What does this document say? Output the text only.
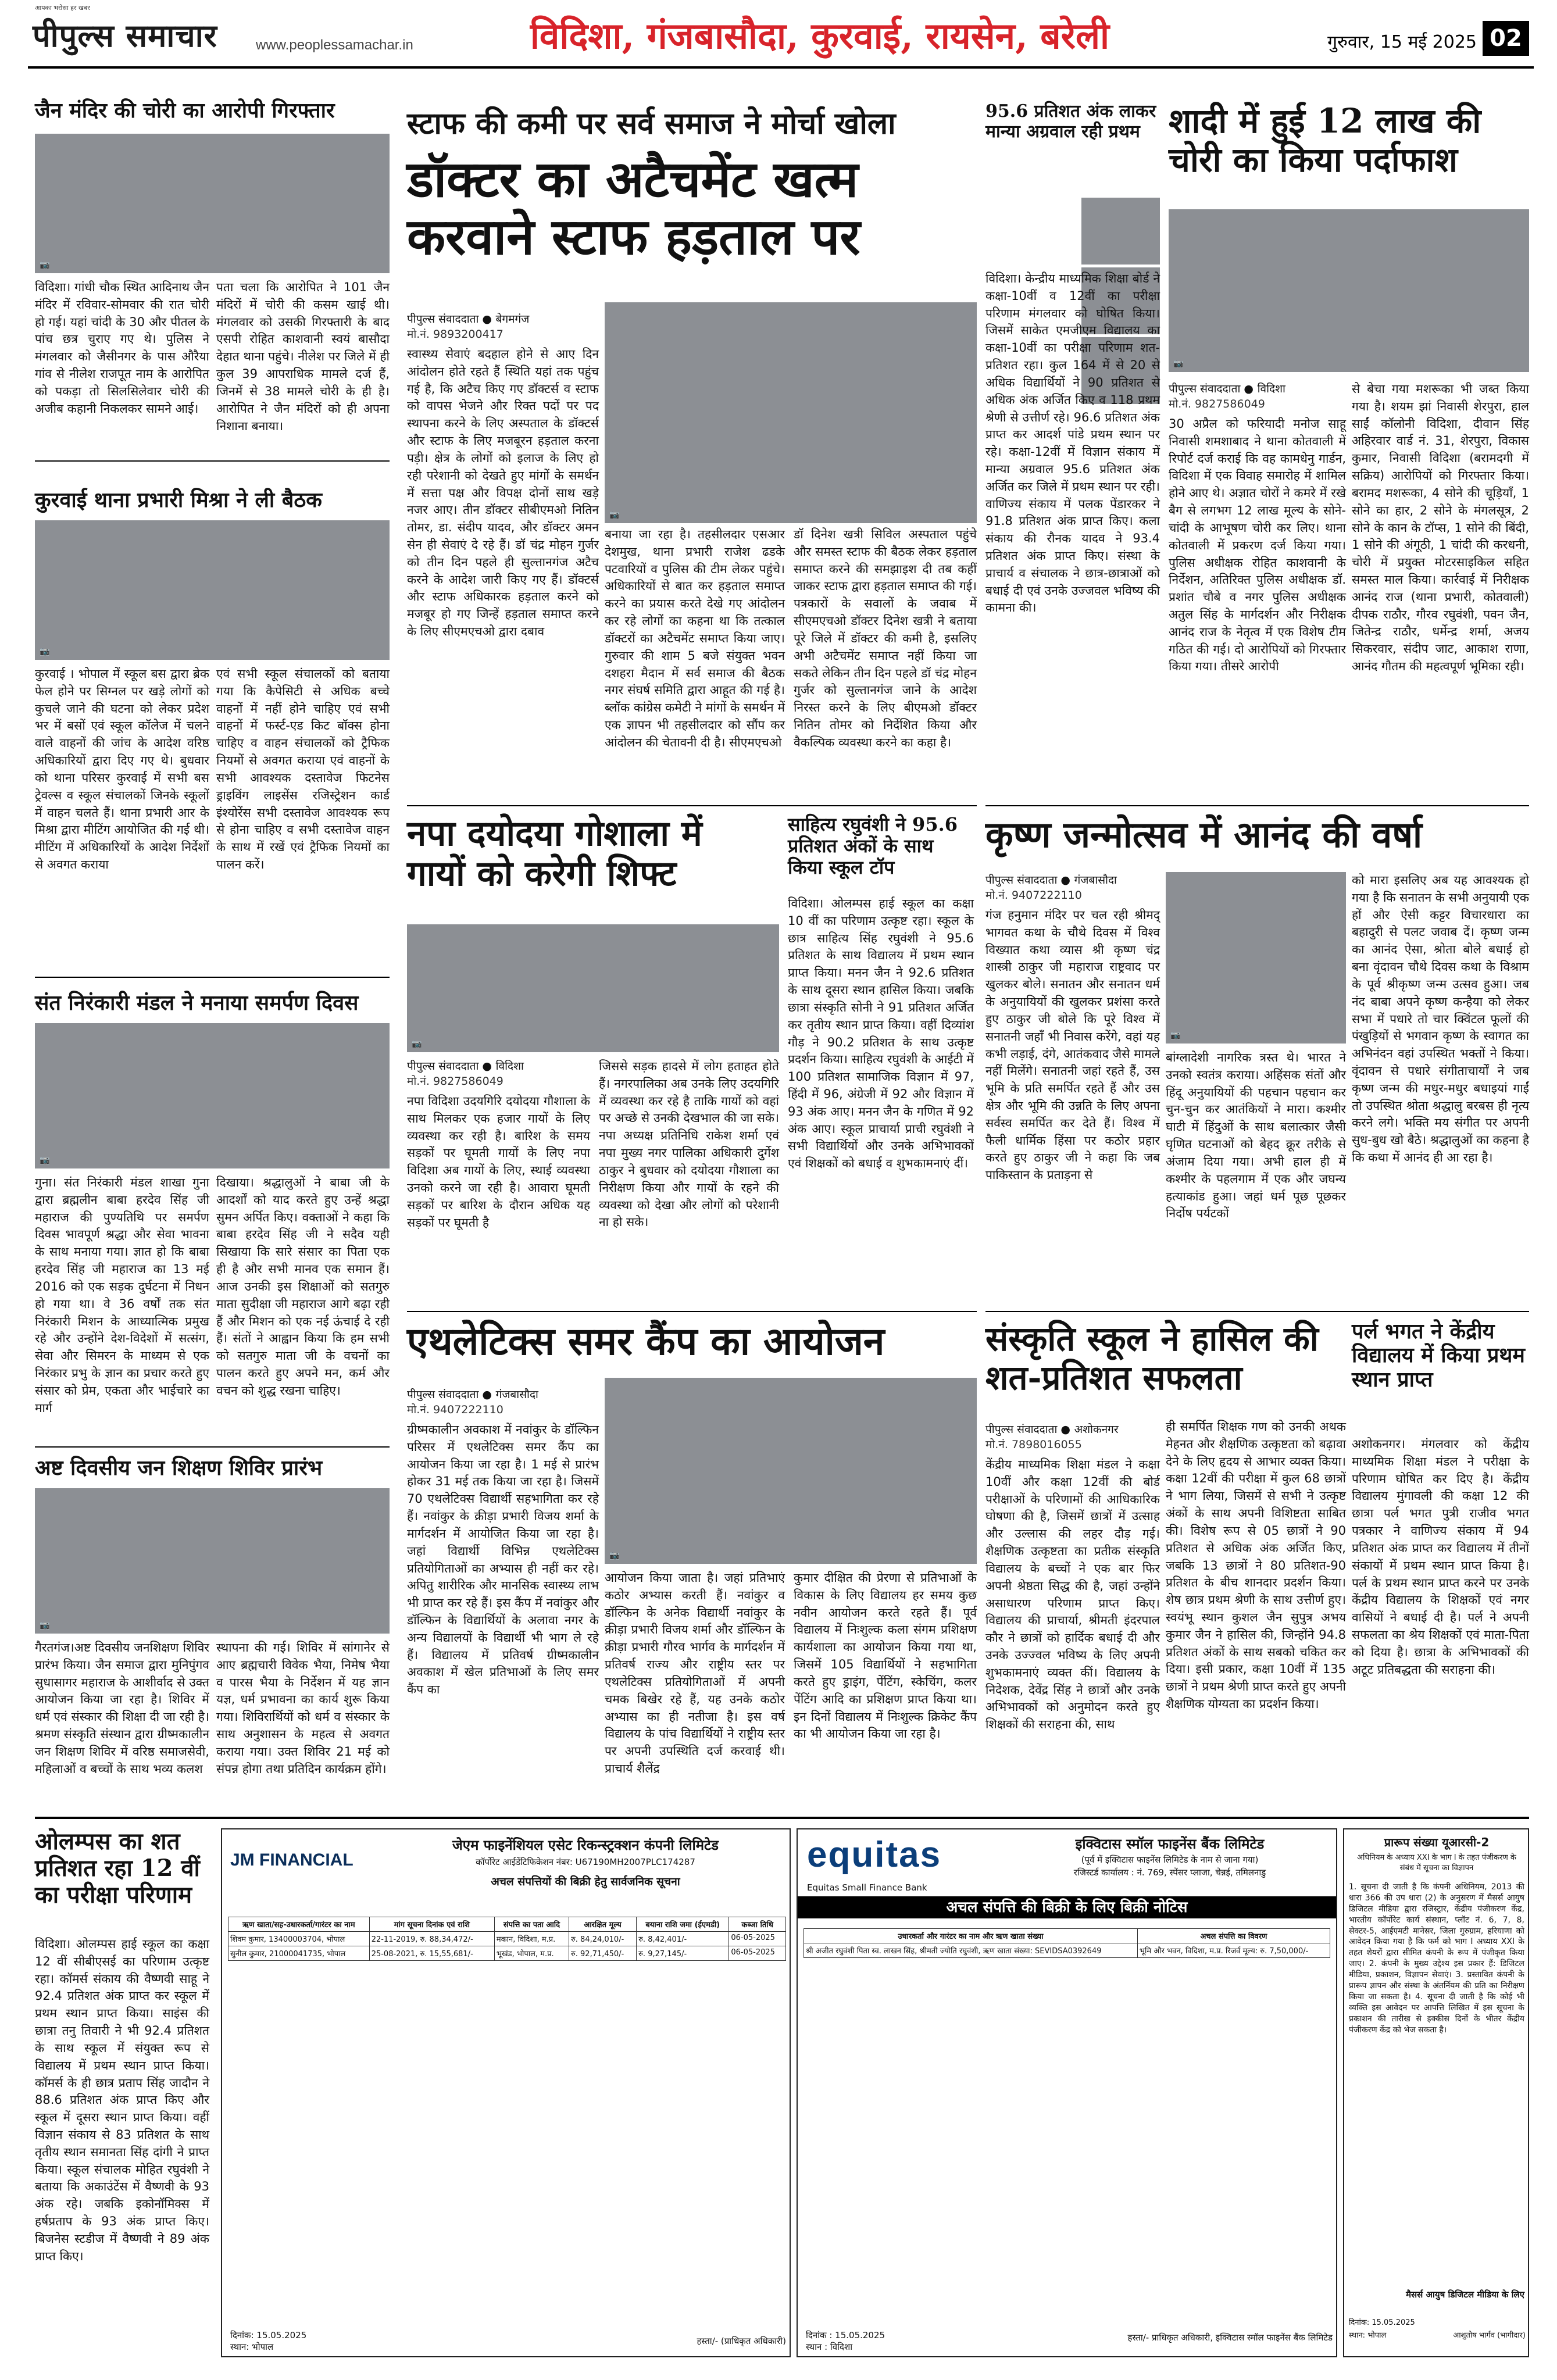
आपका भरोसा हर खबर
पीपुल्स समाचार	www.peoplessamachar.in	विदिशा, गंजबासौदा, कुरवाई, रायसेन, बरेली	गुरुवार, 15 मई 2025 02
जैन मंदिर की चोरी का आरोपी गिरफ्तार
📷
विदिशा। गांधी चौक स्थित आदिनाथ जैन मंदिर में रविवार-सोमवार की रात चोरी हो गई। यहां चांदी के 30 और पीतल के पांच छत्र चुराए गए थे। पुलिस ने मंगलवार को जैसीनगर के पास औरैया गांव से नीलेश राजपूत नाम के आरोपित को पकड़ा तो सिलसिलेवार चोरी की अजीब कहानी निकलकर सामने आई।
पता चला कि आरोपित ने 101 जैन मंदिरों में चोरी की कसम खाई थी। मंगलवार को उसकी गिरफ्तारी के बाद एसपी रोहित काशवानी स्वयं बासौदा देहात थाना पहुंचे। नीलेश पर जिले में ही कुल 39 आपराधिक मामले दर्ज हैं, जिनमें से 38 मामले चोरी के ही है। आरोपित ने जैन मंदिरों को ही अपना निशाना बनाया।
कुरवाई थाना प्रभारी मिश्रा ने ली बैठक
📷
कुरवाई । भोपाल में स्कूल बस द्वारा ब्रेक फेल होने पर सिग्नल पर खड़े लोगों को कुचले जाने की घटना को लेकर प्रदेश भर में बसों एवं स्कूल कॉलेज में चलने वाले वाहनों की जांच के आदेश वरिष्ठ अधिकारियों द्वारा दिए गए थे। बुधवार को थाना परिसर कुरवाई में सभी बस ट्रेवल्स व स्कूल संचालकों जिनके स्कूलों में वाहन चलते हैं। थाना प्रभारी आर के मिश्रा द्वारा मीटिंग आयोजित की गई थी। मीटिंग में अधिकारियों के आदेश निर्देशों से अवगत कराया
एवं सभी स्कूल संचालकों को बताया गया कि कैपेसिटी से अधिक बच्चे वाहनों में नहीं होने चाहिए एवं सभी वाहनों में फर्स्ट-एड किट बॉक्स होना चाहिए व वाहन संचालकों को ट्रैफिक नियमों से अवगत कराया एवं वाहनों के सभी आवश्यक दस्तावेज फिटनेस ड्राइविंग लाइसेंस रजिस्ट्रेशन कार्ड इंश्योरेंस सभी दस्तावेज आवश्यक रूप से होना चाहिए व सभी दस्तावेज वाहन के साथ में रखें एवं ट्रैफिक नियमों का पालन करें।
संत निरंकारी मंडल ने मनाया समर्पण दिवस
📷
गुना। संत निरंकारी मंडल शाखा गुना द्वारा ब्रह्मलीन बाबा हरदेव सिंह जी महाराज की पुण्यतिथि पर समर्पण दिवस भावपूर्ण श्रद्धा और सेवा भावना के साथ मनाया गया। ज्ञात हो कि बाबा हरदेव सिंह जी महाराज का 13 मई 2016 को एक सड़क दुर्घटना में निधन हो गया था। वे 36 वर्षों तक संत निरंकारी मिशन के आध्यात्मिक प्रमुख रहे और उन्होंने देश-विदेशों में सत्संग, सेवा और सिमरन के माध्यम से एक निरंकार प्रभु के ज्ञान का प्रचार करते हुए संसार को प्रेम, एकता और भाईचारे का मार्ग
दिखाया। श्रद्धालुओं ने बाबा जी के आदर्शों को याद करते हुए उन्हें श्रद्धा सुमन अर्पित किए। वक्ताओं ने कहा कि बाबा हरदेव सिंह जी ने सदैव यही सिखाया कि सारे संसार का पिता एक ही है और सभी मानव एक समान हैं। आज उनकी इस शिक्षाओं को सतगुरु माता सुदीक्षा जी महाराज आगे बढ़ा रही हैं और मिशन को एक नई ऊंचाई दे रही हैं। संतों ने आह्वान किया कि हम सभी को सतगुरु माता जी के वचनों का पालन करते हुए अपने मन, कर्म और वचन को शुद्ध रखना चाहिए।
अष्ट दिवसीय जन शिक्षण शिविर प्रारंभ
📷
गैरतगंज।अष्ट दिवसीय जनशिक्षण शिविर प्रारंभ किया। जैन समाज द्वारा मुनिपुंगव सुधासागर महाराज के आशीर्वाद से उक्त आयोजन किया जा रहा है। शिविर में धर्म एवं संस्कार की शिक्षा दी जा रही है। श्रमण संस्कृति संस्थान द्वारा ग्रीष्मकालीन जन शिक्षण शिविर में वरिष्ठ समाजसेवी, महिलाओं व बच्चों के साथ भव्य कलश
स्थापना की गई। शिविर में सांगानेर से आए ब्रह्मचारी विवेक भैया, निमेष भैया व पारस भैया के निर्देशन में यह ज्ञान यज्ञ, धर्म प्रभावना का कार्य शुरू किया गया। शिविरार्थियों को धर्म व संस्कार के साथ अनुशासन के महत्व से अवगत कराया गया। उक्त शिविर 21 मई को संपन्न होगा तथा प्रतिदिन कार्यक्रम होंगे।
ओलम्पस का शत प्रतिशत रहा 12 वीं का परीक्षा परिणाम
विदिशा। ओलम्पस हाई स्कूल का कक्षा 12 वीं सीबीएसई का परिणाम उत्कृष्ट रहा। कॉमर्स संकाय की वैष्णवी साहू ने 92.4 प्रतिशत अंक प्राप्त कर स्कूल में प्रथम स्थान प्राप्त किया। साइंस की छात्रा तनु तिवारी ने भी 92.4 प्रतिशत के साथ स्कूल में संयुक्त रूप से विद्यालय में प्रथम स्थान प्राप्त किया। कॉमर्स के ही छात्र प्रताप सिंह जादौन ने 88.6 प्रतिशत अंक प्राप्त किए और स्कूल में दूसरा स्थान प्राप्त किया। वहीं विज्ञान संकाय से 83 प्रतिशत के साथ तृतीय स्थान समानता सिंह दांगी ने प्राप्त किया। स्कूल संचालक मोहित रघुवंशी ने बताया कि अकाउंटेंस में वैष्णवी के 93 अंक रहे। जबकि इकोनॉमिक्स में हर्षप्रताप के 93 अंक प्राप्त किए। बिजनेस स्टडीज में वैष्णवी ने 89 अंक प्राप्त किए।
स्टाफ की कमी पर सर्व समाज ने मोर्चा खोला
डॉक्टर का अटैचमेंट खत्म करवाने स्टाफ हड़ताल पर
पीपुल्स संवाददाता ● बेगमगंज
मो.नं. 9893200417
📷
स्वास्थ्य सेवाएं बदहाल होने से आए दिन आंदोलन होते रहते हैं स्थिति यहां तक पहुंच गई है, कि अटैच किए गए डॉक्टर्स व स्टाफ को वापस भेजने और रिक्त पदों पर पद स्थापना करने के लिए अस्पताल के डॉक्टर्स और स्टाफ के लिए मजबूरन हड़ताल करना पड़ी। क्षेत्र के लोगों को इलाज के लिए हो रही परेशानी को देखते हुए मांगों के समर्थन में सत्ता पक्ष और विपक्ष दोनों साथ खड़े नजर आए। तीन डॉक्टर सीबीएमओ नितिन तोमर, डा. संदीप यादव, और डॉक्टर अमन सेन ही सेवाएं दे रहे हैं। डॉ चंद्र मोहन गुर्जर को तीन दिन पहले ही सुल्तानगंज अटैच करने के आदेश जारी किए गए हैं। डॉक्टर्स और स्टाफ अधिकारक हड़ताल करने को मजबूर हो गए जिन्हें हड़ताल समाप्त करने के लिए सीएमएचओ द्वारा दबाव
बनाया जा रहा है। तहसीलदार एसआर देशमुख, थाना प्रभारी राजेश ढडके पटवारियों व पुलिस की टीम लेकर पहुंचे। अधिकारियों से बात कर हड़ताल समाप्त करने का प्रयास करते देखे गए आंदोलन कर रहे लोगों का कहना था कि तत्काल डॉक्टरों का अटैचमेंट समाप्त किया जाए। गुरुवार की शाम 5 बजे संयुक्त भवन दशहरा मैदान में सर्व समाज की बैठक नगर संघर्ष समिति द्वारा आहूत की गई है। ब्लॉक कांग्रेस कमेटी ने मांगों के समर्थन में एक ज्ञापन भी तहसीलदार को सौंप कर आंदोलन की चेतावनी दी है। सीएमएचओ
डॉ दिनेश खत्री सिविल अस्पताल पहुंचे और समस्त स्टाफ की बैठक लेकर हड़ताल समाप्त करने की समझाइश दी तब कहीं जाकर स्टाफ द्वारा हड़ताल समाप्त की गई। पत्रकारों के सवालों के जवाब में सीएमएचओ डॉक्टर दिनेश खत्री ने बताया पूरे जिले में डॉक्टर की कमी है, इसलिए अभी अटैचमेंट समाप्त नहीं किया जा सकते लेकिन तीन दिन पहले डॉ चंद्र मोहन गुर्जर को सुल्तानगंज जाने के आदेश निरस्त करने के लिए बीएमओ डॉक्टर नितिन तोमर को निर्देशित किया और वैकल्पिक व्यवस्था करने का कहा है।
नपा दयोदया गोशाला में गायों को करेगी शिफ्ट
📷
पीपुल्स संवाददाता ● विदिशा
मो.नं. 9827586049
नपा विदिशा उदयगिरि दयोदया गौशाला के साथ मिलकर एक हजार गायों के लिए व्यवस्था कर रही है। बारिश के समय सड़कों पर घूमती गायों के लिए नपा विदिशा अब गायों के लिए, स्थाई व्यवस्था उनको करने जा रही है। आवारा घूमती सड़कों पर बारिश के दौरान अधिक यह सड़कों पर घूमती है
जिससे सड़क हादसे में लोग हताहत होते हैं। नगरपालिका अब उनके लिए उदयगिरि में व्यवस्था कर रहे है ताकि गायों को वहां पर अच्छे से उनकी देखभाल की जा सके। नपा अध्यक्ष प्रतिनिधि राकेश शर्मा एवं नपा मुख्य नगर पालिका अधिकारी दुर्गेश ठाकुर ने बुधवार को दयोदया गौशाला का निरीक्षण किया और गायों के रहने की व्यवस्था को देखा और लोगों को परेशानी ना हो सके।
साहित्य रघुवंशी ने 95.6 प्रतिशत अंकों के साथ किया स्कूल टॉप
विदिशा। ओलम्पस हाई स्कूल का कक्षा 10 वीं का परिणाम उत्कृष्ट रहा। स्कूल के छात्र साहित्य सिंह रघुवंशी ने 95.6 प्रतिशत के साथ विद्यालय में प्रथम स्थान प्राप्त किया। मनन जैन ने 92.6 प्रतिशत के साथ दूसरा स्थान हासिल किया। जबकि छात्रा संस्कृति सोनी ने 91 प्रतिशत अर्जित कर तृतीय स्थान प्राप्त किया। वहीं दिव्यांश गौड़ ने 90.2 प्रतिशत के साथ उत्कृष्ट प्रदर्शन किया। साहित्य रघुवंशी के आईटी में 100 प्रतिशत सामाजिक विज्ञान में 97, हिंदी में 96, अंग्रेजी में 92 और विज्ञान में 93 अंक आए। मनन जैन के गणित में 92 अंक आए। स्कूल प्राचार्या प्राची रघुवंशी ने सभी विद्यार्थियों और उनके अभिभावकों एवं शिक्षकों को बधाई व शुभकामनाएं दीं।
एथलेटिक्स समर कैंप का आयोजन
पीपुल्स संवाददाता ● गंजबासौदा
मो.नं. 9407222110
📷
ग्रीष्मकालीन अवकाश में नवांकुर के डॉल्फिन परिसर में एथलेटिक्स समर कैंप का आयोजन किया जा रहा है। 1 मई से प्रारंभ होकर 31 मई तक किया जा रहा है। जिसमें 70 एथलेटिक्स विद्यार्थी सहभागिता कर रहे हैं। नवांकुर के क्रीड़ा प्रभारी विजय शर्मा के मार्गदर्शन में आयोजित किया जा रहा है। जहां विद्यार्थी विभिन्न एथलेटिक्स प्रतियोगिताओं का अभ्यास ही नहीं कर रहे। अपितु शारीरिक और मानसिक स्वास्थ्य लाभ भी प्राप्त कर रहे हैं। इस कैंप में नवांकुर और डॉल्फिन के विद्यार्थियों के अलावा नगर के अन्य विद्यालयों के विद्यार्थी भी भाग ले रहे हैं। विद्यालय में प्रतिवर्ष ग्रीष्मकालीन अवकाश में खेल प्रतिभाओं के लिए समर कैंप का
आयोजन किया जाता है। जहां प्रतिभाएं कठोर अभ्यास करती हैं। नवांकुर व डॉल्फिन के अनेक विद्यार्थी नवांकुर के क्रीड़ा प्रभारी विजय शर्मा और डॉल्फिन के क्रीड़ा प्रभारी गौरव भार्गव के मार्गदर्शन में प्रतिवर्ष राज्य और राष्ट्रीय स्तर पर एथलेटिक्स प्रतियोगिताओं में अपनी चमक बिखेर रहे हैं, यह उनके कठोर अभ्यास का ही नतीजा है। इस वर्ष विद्यालय के पांच विद्यार्थियों ने राष्ट्रीय स्तर पर अपनी उपस्थिति दर्ज करवाई थी। प्राचार्य शैलेंद्र
कुमार दीक्षित की प्रेरणा से प्रतिभाओं के विकास के लिए विद्यालय हर समय कुछ नवीन आयोजन करते रहते हैं। पूर्व विद्यालय में निःशुल्क कला संगम प्रशिक्षण कार्यशाला का आयोजन किया गया था, जिसमें 105 विद्यार्थियों ने सहभागिता करते हुए ड्राइंग, पेंटिंग, स्केचिंग, कलर पेंटिंग आदि का प्रशिक्षण प्राप्त किया था। इन दिनों विद्यालय में निःशुल्क क्रिकेट कैंप का भी आयोजन किया जा रहा है।
95.6 प्रतिशत अंक लाकर मान्या अग्रवाल रही प्रथम
विदिशा। केन्द्रीय माध्यमिक शिक्षा बोर्ड ने कक्षा-10वीं व 12वीं का परीक्षा परिणाम मंगलवार को घोषित किया। जिसमें साकेत एमजीएम विद्यालय का कक्षा-10वीं का परीक्षा परिणाम शत-प्रतिशत रहा। कुल 164 में से 20 से अधिक विद्यार्थियों ने 90 प्रतिशत से अधिक अंक अर्जित किए व 118 प्रथम श्रेणी से उत्तीर्ण रहे। 96.6 प्रतिशत अंक प्राप्त कर आदर्श पांडे प्रथम स्थान पर रहे। कक्षा-12वीं में विज्ञान संकाय में मान्या अग्रवाल 95.6 प्रतिशत अंक अर्जित कर जिले में प्रथम स्थान पर रही। वाणिज्य संकाय में पलक पेंडारकर ने 91.8 प्रतिशत अंक प्राप्त किए। कला संकाय की रौनक यादव ने 93.4 प्रतिशत अंक प्राप्त किए। संस्था के प्राचार्य व संचालक ने छात्र-छात्राओं को बधाई दी एवं उनके उज्जवल भविष्य की कामना की।
शादी में हुई 12 लाख की चोरी का किया पर्दाफाश
📷
पीपुल्स संवाददाता ● विदिशा
मो.नं. 9827586049
30 अप्रैल को फरियादी मनोज साहू निवासी शमशाबाद ने थाना कोतवाली में रिपोर्ट दर्ज कराई कि वह कामधेनु गार्डन, विदिशा में एक विवाह समारोह में शामिल होने आए थे। अज्ञात चोरों ने कमरे में रखे बैग से लगभग 12 लाख मूल्य के सोने-चांदी के आभूषण चोरी कर लिए। थाना कोतवाली में प्रकरण दर्ज किया गया। पुलिस अधीक्षक रोहित काशवानी के निर्देशन, अतिरिक्त पुलिस अधीक्षक डॉ. प्रशांत चौबे व नगर पुलिस अधीक्षक अतुल सिंह के मार्गदर्शन और निरीक्षक आनंद राज के नेतृत्व में एक विशेष टीम गठित की गई। दो आरोपियों को गिरफ्तार किया गया। तीसरे आरोपी
से बेचा गया मशरूका भी जब्त किया गया है। शयम झां निवासी शेरपुरा, हाल साईं कॉलोनी विदिशा, दीवान सिंह अहिरवार वार्ड नं. 31, शेरपुरा, विकास कुमार, निवासी विदिशा (बरामदगी में सक्रिय) आरोपियों को गिरफ्तार किया। बरामद मशरूका, 4 सोने की चूड़ियाँ, 1 सोने का हार, 2 सोने के मंगलसूत्र, 2 सोने के कान के टॉप्स, 1 सोने की बिंदी, 1 सोने की अंगूठी, 1 चांदी की करधनी, चोरी में प्रयुक्त मोटरसाइकिल सहित समस्त माल किया। कार्रवाई में निरीक्षक आनंद राज (थाना प्रभारी, कोतवाली) दीपक राठौर, गौरव रघुवंशी, पवन जैन, जितेन्द्र राठौर, धर्मेन्द्र शर्मा, अजय सिकरवार, संदीप जाट, आकाश राणा, आनंद गौतम की महत्वपूर्ण भूमिका रही।
कृष्ण जन्मोत्सव में आनंद की वर्षा
पीपुल्स संवाददाता ● गंजबासौदा
मो.नं. 9407222110
📷
गंज हनुमान मंदिर पर चल रही श्रीमद् भागवत कथा के चौथे दिवस में विश्व विख्यात कथा व्यास श्री कृष्ण चंद्र शास्त्री ठाकुर जी महाराज राष्ट्रवाद पर खुलकर बोले। सनातन और सनातन धर्म के अनुयायियों की खुलकर प्रशंसा करते हुए ठाकुर जी बोले कि पूरे विश्व में सनातनी जहाँ भी निवास करेंगे, वहां यह कभी लड़ाई, दंगे, आतंकवाद जैसे मामले नहीं मिलेंगे। सनातनी जहां रहते हैं, उस भूमि के प्रति समर्पित रहते हैं और उस क्षेत्र और भूमि की उन्नति के लिए अपना सर्वस्व समर्पित कर देते हैं। विश्व में फैली धार्मिक हिंसा पर कठोर प्रहार करते हुए ठाकुर जी ने कहा कि जब पाकिस्तान के प्रताड़ना से
बांग्लादेशी नागरिक त्रस्त थे। भारत ने उनको स्वतंत्र कराया। अहिंसक संतों और हिंदू अनुयायियों की पहचान पहचान कर चुन-चुन कर आतंकियों ने मारा। कश्मीर घाटी में हिंदुओं के साथ बलात्कार जैसी घृणित घटनाओं को बेहद क्रूर तरीके से अंजाम दिया गया। अभी हाल ही में कश्मीर के पहलगाम में एक और जघन्य हत्याकांड हुआ। जहां धर्म पूछ पूछकर निर्दोष पर्यटकों
को मारा इसलिए अब यह आवश्यक हो गया है कि सनातन के सभी अनुयायी एक हों और ऐसी कट्टर विचारधारा का बहादुरी से पलट जवाब दें। कृष्ण जन्म का आनंद ऐसा, श्रोता बोले बधाई हो बना वृंदावन चौथे दिवस कथा के विश्राम के पूर्व श्रीकृष्ण जन्म उत्सव हुआ। जब नंद बाबा अपने कृष्ण कन्हैया को लेकर सभा में पधारे तो चार क्विंटल फूलों की पंखुड़ियों से भगवान कृष्ण के स्वागत का अभिनंदन वहां उपस्थित भक्तों ने किया। वृंदावन से पधारे संगीताचार्यों ने जब कृष्ण जन्म की मधुर-मधुर बधाइयां गाईं तो उपस्थित श्रोता श्रद्धालु बरबस ही नृत्य करने लगे। भक्ति मय संगीत पर अपनी सुध-बुध खो बैठे। श्रद्धालुओं का कहना है कि कथा में आनंद ही आ रहा है।
संस्कृति स्कूल ने हासिल की शत-प्रतिशत सफलता
पीपुल्स संवाददाता ● अशोकनगर
मो.नं. 7898016055
केंद्रीय माध्यमिक शिक्षा मंडल ने कक्षा 10वीं और कक्षा 12वीं की बोर्ड परीक्षाओं के परिणामों की आधिकारिक घोषणा की है, जिसमें छात्रों में उत्साह और उल्लास की लहर दौड़ गई। शैक्षणिक उत्कृष्टता का प्रतीक संस्कृति विद्यालय के बच्चों ने एक बार फिर अपनी श्रेष्ठता सिद्ध की है, जहां उन्होंने असाधारण परिणाम प्राप्त किए। विद्यालय की प्राचार्या, श्रीमती इंदरपाल कौर ने छात्रों को हार्दिक बधाई दी और उनके उज्ज्वल भविष्य के लिए अपनी शुभकामनाएं व्यक्त कीं। विद्यालय के निदेशक, देवेंद्र सिंह ने छात्रों और उनके अभिभावकों को अनुमोदन करते हुए शिक्षकों की सराहना की, साथ
ही समर्पित शिक्षक गण को उनकी अथक मेहनत और शैक्षणिक उत्कृष्टता को बढ़ावा देने के लिए हृदय से आभार व्यक्त किया। कक्षा 12वीं की परीक्षा में कुल 68 छात्रों ने भाग लिया, जिसमें से सभी ने उत्कृष्ट अंकों के साथ अपनी विशिष्टता साबित की। विशेष रूप से 05 छात्रों ने 90 प्रतिशत से अधिक अंक अर्जित किए, जबकि 13 छात्रों ने 80 प्रतिशत-90 प्रतिशत के बीच शानदार प्रदर्शन किया। शेष छात्र प्रथम श्रेणी के साथ उत्तीर्ण हुए। स्वयंभू स्थान कुशल जैन सुपुत्र अभय कुमार जैन ने हासिल की, जिन्होंने 94.8 प्रतिशत अंकों के साथ सबको चकित कर दिया। इसी प्रकार, कक्षा 10वीं में 135 छात्रों ने प्रथम श्रेणी प्राप्त करते हुए अपनी शैक्षणिक योग्यता का प्रदर्शन किया।
पर्ल भगत ने केंद्रीय विद्यालय में किया प्रथम स्थान प्राप्त
अशोकनगर। मंगलवार को केंद्रीय माध्यमिक शिक्षा मंडल ने परीक्षा के परिणाम घोषित कर दिए है। केंद्रीय विद्यालय मुंगावली की कक्षा 12 की छात्रा पर्ल भगत पुत्री राजीव भगत पत्रकार ने वाणिज्य संकाय में 94 प्रतिशत अंक प्राप्त कर विद्यालय में तीनों संकायों में प्रथम स्थान प्राप्त किया है। पर्ल के प्रथम स्थान प्राप्त करने पर उनके केंद्रीय विद्यालय के शिक्षकों एवं नगर वासियों ने बधाई दी है। पर्ल ने अपनी सफलता का श्रेय शिक्षकों एवं माता-पिता को दिया है। छात्रा के अभिभावकों की अटूट प्रतिबद्धता की सराहना की।
JM FINANCIAL
जेएम फाइनेंशियल एसेट रिकन्स्ट्रक्शन कंपनी लिमिटेड
कॉर्पोरेट आईडेंटिफिकेशन नंबर: U67190MH2007PLC174287
अचल संपत्तियों की बिक्री हेतु सार्वजनिक सूचना
ऋण खाता/सह-उधारकर्ता/गारंटर का नाम	मांग सूचना दिनांक एवं राशि	संपत्ति का पता आदि	आरक्षित मूल्य	बयाना राशि जमा (ईएमडी)	कब्जा तिथि
शिवम कुमार, 13400003704, भोपाल	22-11-2019, रु. 88,34,472/-	मकान, विदिशा, म.प्र.	रु. 84,24,010/-	रु. 8,42,401/-	06-05-2025
सुनील कुमार, 21000041735, भोपाल	25-08-2021, रु. 15,55,681/-	भूखंड, भोपाल, म.प्र.	रु. 92,71,450/-	रु. 9,27,145/-	06-05-2025
दिनांक: 15.05.2025
स्थान: भोपाल
हस्ता/- (प्राधिकृत अधिकारी)
equitas
Equitas Small Finance Bank
इक्विटास स्मॉल फाइनेंस बैंक लिमिटेड
(पूर्व में इक्विटास फाइनेंस लिमिटेड के नाम से जाना गया)
रजिस्टर्ड कार्यालय : नं. 769, स्पेंसर प्लाजा, चेन्नई, तमिलनाडु
अचल संपत्ति की बिक्री के लिए बिक्री नोटिस
उधारकर्ता और गारंटर का नाम और ऋण खाता संख्या	अचल संपत्ति का विवरण
श्री अजीत रघुवंशी पिता स्व. लाखन सिंह, श्रीमती ज्योति रघुवंशी, ऋण खाता संख्या: SEVIDSA0392649	भूमि और भवन, विदिशा, म.प्र. रिजर्व मूल्य: रु. 7,50,000/-
दिनांक : 15.05.2025
स्थान : विदिशा
हस्ता/- प्राधिकृत अधिकारी, इक्विटास स्मॉल फाइनेंस बैंक लिमिटेड
प्रारूप संख्या यूआरसी-2
अधिनियम के अध्याय XXI के भाग I के तहत पंजीकरण के संबंध में सूचना का विज्ञापन
1. सूचना दी जाती है कि कंपनी अधिनियम, 2013 की धारा 366 की उप धारा (2) के अनुसरण में मैसर्स आयुष डिजिटल मीडिया द्वारा रजिस्ट्रार, केंद्रीय पंजीकरण केंद्र, भारतीय कॉर्पोरेट कार्य संस्थान, प्लॉट नं. 6, 7, 8, सेक्टर-5, आईएमटी मानेसर, जिला गुरुग्राम, हरियाणा को आवेदन किया गया है कि फर्म को भाग I अध्याय XXI के तहत शेयरों द्वारा सीमित कंपनी के रूप में पंजीकृत किया जाए। 2. कंपनी के मुख्य उद्देश्य इस प्रकार हैं: डिजिटल मीडिया, प्रकाशन, विज्ञापन सेवाएं। 3. प्रस्तावित कंपनी के प्रारूप ज्ञापन और संस्था के अंतर्नियम की प्रति का निरीक्षण किया जा सकता है। 4. सूचना दी जाती है कि कोई भी व्यक्ति इस आवेदन पर आपत्ति लिखित में इस सूचना के प्रकाशन की तारीख से इक्कीस दिनों के भीतर केंद्रीय पंजीकरण केंद्र को भेज सकता है।
मैसर्स आयुष डिजिटल मीडिया के लिए
दिनांक: 15.05.2025
स्थान: भोपाल	आशुतोष भार्गव (भागीदार)
